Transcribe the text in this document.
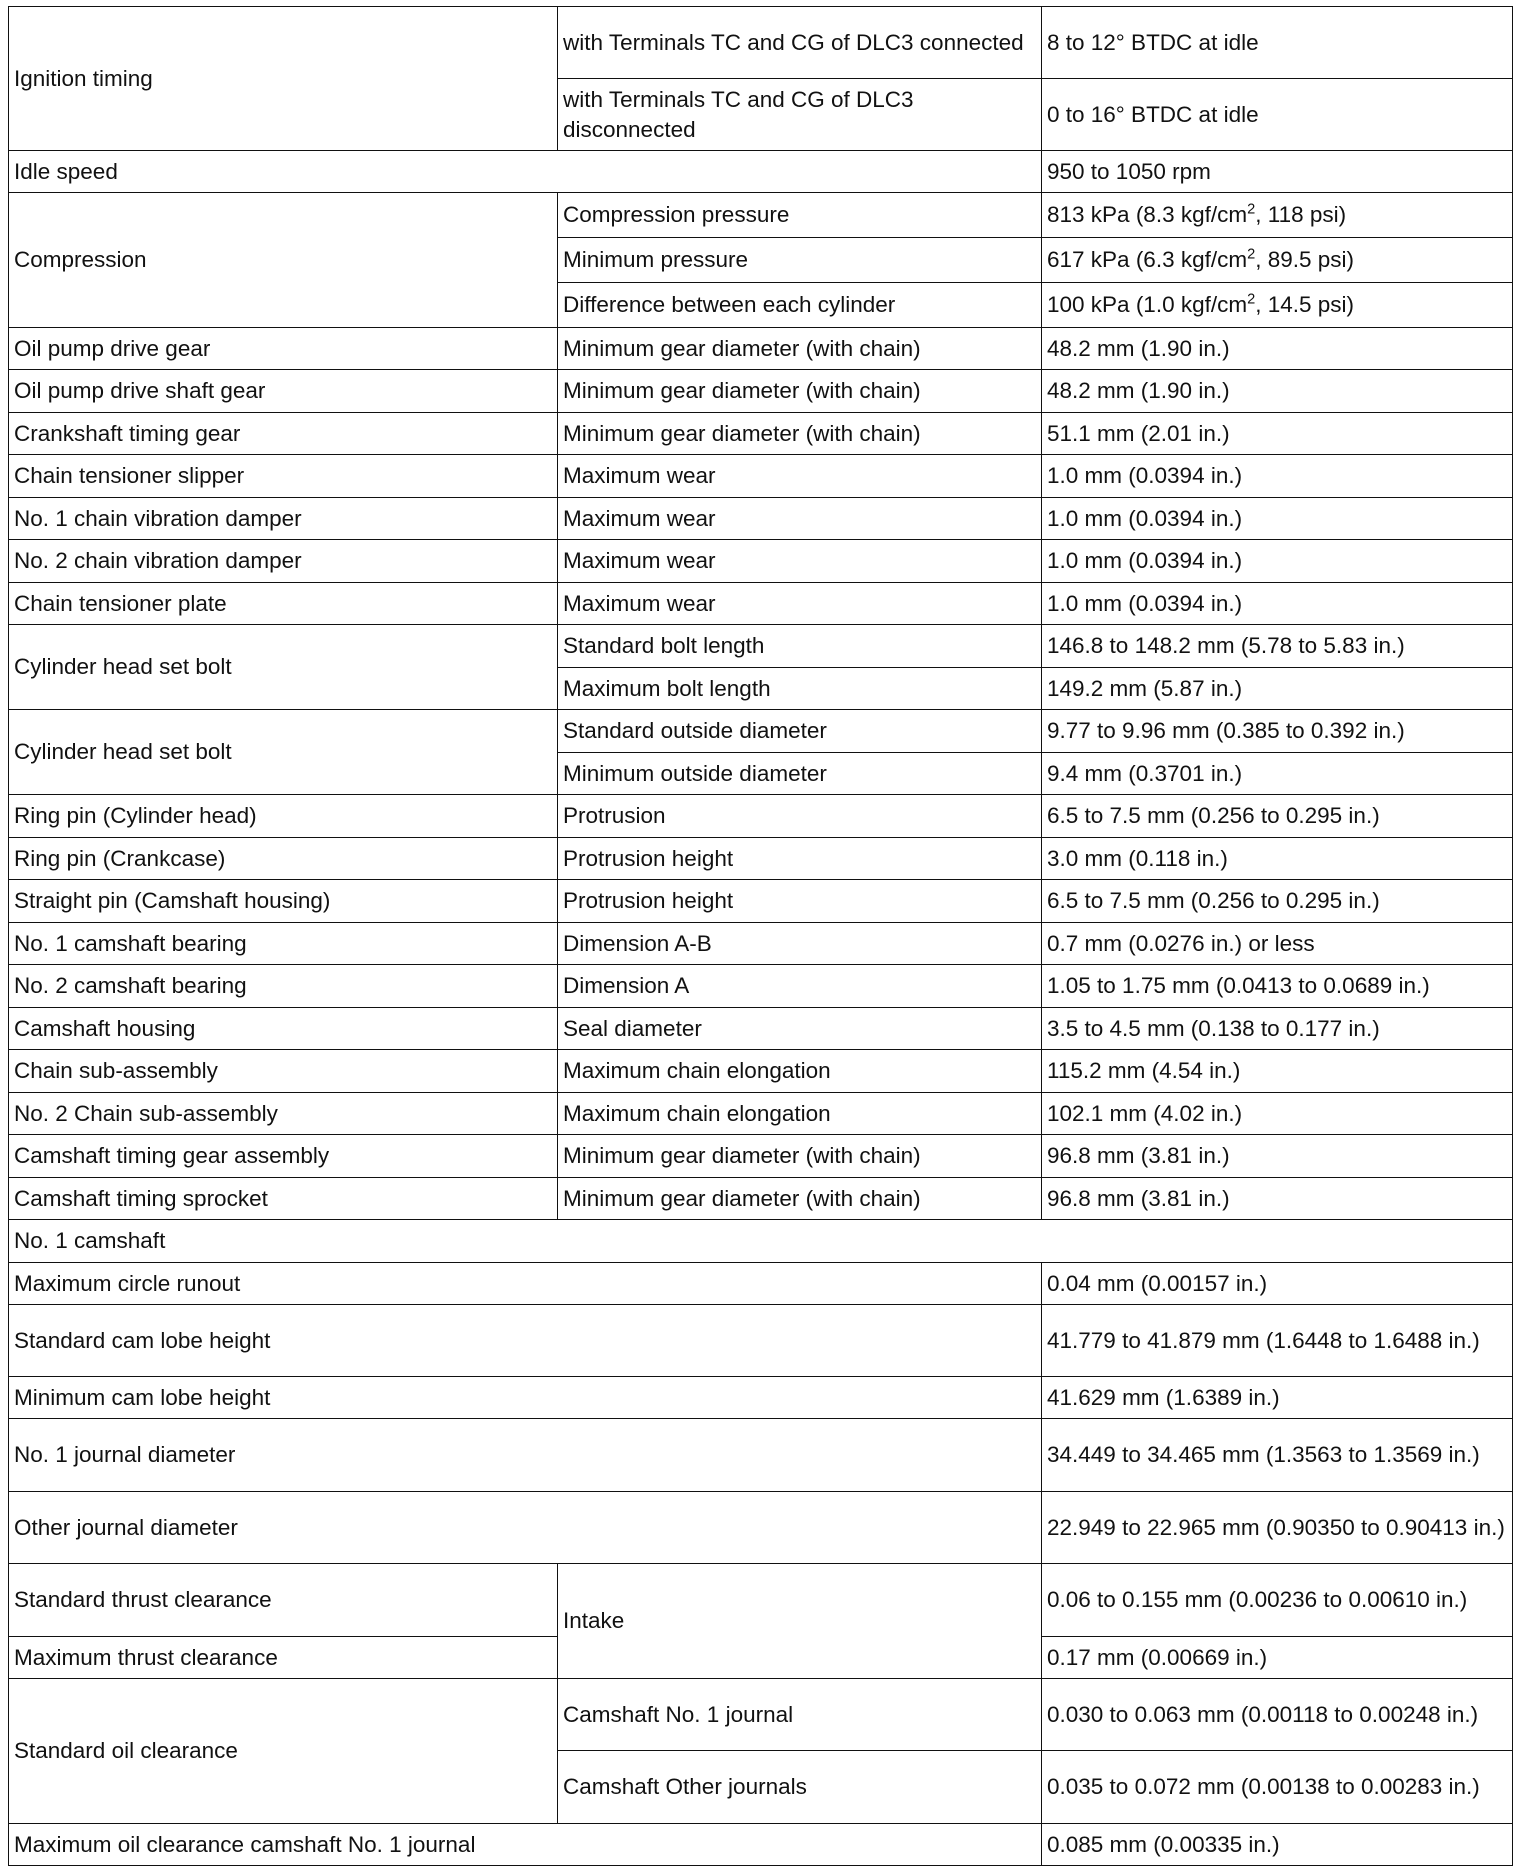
Ignition timing	with Terminals TC and CG of DLC3 connected	8 to 12° BTDC at idle
	with Terminals TC and CG of DLC3 disconnected	0 to 16° BTDC at idle
Idle speed		950 to 1050 rpm
Compression	Compression pressure	813 kPa (8.3 kgf/$cm^2$, 118 psi)
	Minimum pressure	617 kPa (6.3 kgf/$cm^2$, 89.5 psi)
	Difference between each cylinder	100 kPa (1.0 kgf/$cm^2$, 14.5 psi)
Oil pump drive gear	Minimum gear diameter (with chain)	48.2 mm (1.90 in.)
Oil pump drive shaft gear	Minimum gear diameter (with chain)	48.2 mm (1.90 in.)
Crankshaft timing gear	Minimum gear diameter (with chain)	51.1 mm (2.01 in.)
Chain tensioner slipper	Maximum wear	1.0 mm (0.0394 in.)
No. 1 chain vibration damper	Maximum wear	1.0 mm (0.0394 in.)
No. 2 chain vibration damper	Maximum wear	1.0 mm (0.0394 in.)
Chain tensioner plate	Maximum wear	1.0 mm (0.0394 in.)
Cylinder head set bolt	Standard bolt length	146.8 to 148.2 mm (5.78 to 5.83 in.)
	Maximum bolt length	149.2 mm (5.87 in.)
Cylinder head set bolt	Standard outside diameter	9.77 to 9.96 mm (0.385 to 0.392 in.)
	Minimum outside diameter	9.4 mm (0.3701 in.)
Ring pin (Cylinder head)	Protrusion	6.5 to 7.5 mm (0.256 to 0.295 in.)
Ring pin (Crankcase)	Protrusion height	3.0 mm (0.118 in.)
Straight pin (Camshaft housing)	Protrusion height	6.5 to 7.5 mm (0.256 to 0.295 in.)
No. 1 camshaft bearing	Dimension A-B	0.7 mm (0.0276 in.) or less
No. 2 camshaft bearing	Dimension A	1.05 to 1.75 mm (0.0413 to 0.0689 in.)
Camshaft housing	Seal diameter	3.5 to 4.5 mm (0.138 to 0.177 in.)
Chain sub-assembly	Maximum chain elongation	115.2 mm (4.54 in.)
No. 2 Chain sub-assembly	Maximum chain elongation	102.1 mm (4.02 in.)
Camshaft timing gear assembly	Minimum gear diameter (with chain)	96.8 mm (3.81 in.)
Camshaft timing sprocket	Minimum gear diameter (with chain)	96.8 mm (3.81 in.)
No. 1 camshaft		
Maximum circle runout		0.04 mm (0.00157 in.)
Standard cam lobe height		41.779 to 41.879 mm (1.6448 to 1.6488 in.)
Minimum cam lobe height		41.629 mm (1.6389 in.)
No. 1 journal diameter		34.449 to 34.465 mm (1.3563 to 1.3569 in.)
Other journal diameter		22.949 to 22.965 mm (0.90350 to 0.90413 in.)
Standard thrust clearance	Intake	0.06 to 0.155 mm (0.00236 to 0.00610 in.)
Maximum thrust clearance		0.17 mm (0.00669 in.)
Standard oil clearance	Camshaft No. 1 journal	0.030 to 0.063 mm (0.00118 to 0.00248 in.)
	Camshaft Other journals	0.035 to 0.072 mm (0.00138 to 0.00283 in.)
Maximum oil clearance camshaft No. 1 journal		0.085 mm (0.00335 in.)
